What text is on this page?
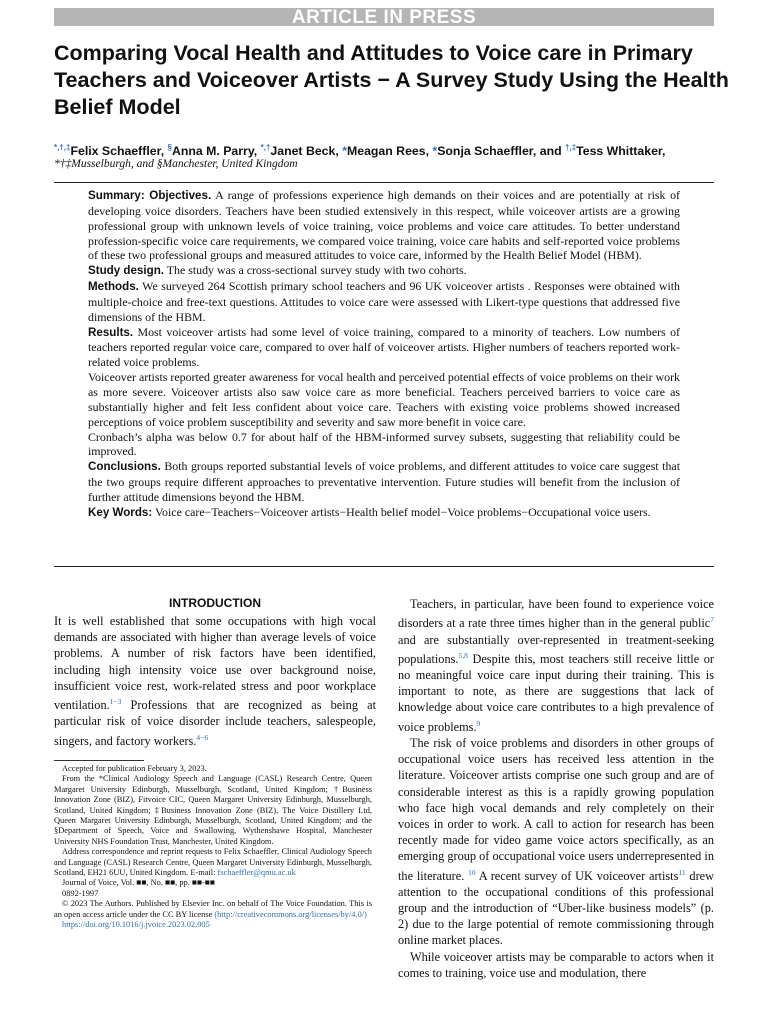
ARTICLE IN PRESS
Comparing Vocal Health and Attitudes to Voice care in Primary Teachers and Voiceover Artists − A Survey Study Using the Health Belief Model
*,†,‡Felix Schaeffler, §Anna M. Parry, *,†Janet Beck, *Meagan Rees, *Sonja Schaeffler, and †,‡Tess Whittaker,
*†‡Musselburgh, and §Manchester, United Kingdom

Summary: Objectives. A range of professions experience high demands on their voices and are potentially at risk of developing voice disorders. Teachers have been studied extensively in this respect, while voiceover artists are a growing professional group with unknown levels of voice training, voice problems and voice care attitudes. To better understand profession-specific voice care requirements, we compared voice training, voice care habits and self-reported voice problems of these two professional groups and measured attitudes to voice care, informed by the Health Belief Model (HBM).

Study design. The study was a cross-sectional survey study with two cohorts.

Methods. We surveyed 264 Scottish primary school teachers and 96 UK voiceover artists . Responses were obtained with multiple-choice and free-text questions. Attitudes to voice care were assessed with Likert-type questions that addressed five dimensions of the HBM.

Results. Most voiceover artists had some level of voice training, compared to a minority of teachers. Low numbers of teachers reported regular voice care, compared to over half of voiceover artists. Higher numbers of teachers reported work-related voice problems.

Voiceover artists reported greater awareness for vocal health and perceived potential effects of voice problems on their work as more severe. Voiceover artists also saw voice care as more beneficial. Teachers perceived barriers to voice care as substantially higher and felt less confident about voice care. Teachers with existing voice problems showed increased perceptions of voice problem susceptibility and severity and saw more benefit in voice care.

Cronbach’s alpha was below 0.7 for about half of the HBM-informed survey subsets, suggesting that reliability could be improved.

Conclusions. Both groups reported substantial levels of voice problems, and different attitudes to voice care suggest that the two groups require different approaches to preventative intervention. Future studies will benefit from the inclusion of further attitude dimensions beyond the HBM.

Key Words: Voice care−Teachers−Voiceover artists−Health belief model−Voice problems−Occupational voice users.

INTRODUCTION

It is well established that some occupations with high vocal demands are associated with higher than average levels of voice problems. A number of risk factors have been identified, including high intensity voice use over background noise, insufficient voice rest, work-related stress and poor workplace ventilation.$^{1-3}$ Professions that are recognized as being at particular risk of voice disorder include teachers, salespeople, singers, and factory workers.$^{4-6}$

Accepted for publication February 3, 2023.

From the *Clinical Audiology Speech and Language (CASL) Research Centre, Queen Margaret University Edinburgh, Musselburgh, Scotland, United Kingdom; †Business Innovation Zone (BIZ), Fitvoice CIC, Queen Margaret University Edinburgh, Musselburgh, Scotland, United Kingdom; ‡Business Innovation Zone (BIZ), The Voice Distillery Ltd, Queen Margaret University Edinburgh, Musselburgh, Scotland, United Kingdom; and the §Department of Speech, Voice and Swallowing, Wythenshawe Hospital, Manchester University NHS Foundation Trust, Manchester, United Kingdom.

Address correspondence and reprint requests to Felix Schaeffler, Clinical Audiology Speech and Language (CASL) Research Centre, Queen Margaret University Edinburgh, Musselburgh, Scotland, EH21 6UU, United Kingdom. E-mail: fschaeffler@qmu.ac.uk

Journal of Voice, Vol. ■■, No. ■■, pp. ■■-■■

0892-1997

© 2023 The Authors. Published by Elsevier Inc. on behalf of The Voice Foundation. This is an open access article under the CC BY license (http://creativecommons.org/licenses/by/4.0/)

https://doi.org/10.1016/j.jvoice.2023.02.005

Teachers, in particular, have been found to experience voice disorders at a rate three times higher than in the general public$^7$ and are substantially over-represented in treatment-seeking populations.$^{5,8}$ Despite this, most teachers still receive little or no meaningful voice care input during their training. This is important to note, as there are suggestions that lack of knowledge about voice care contributes to a high prevalence of voice problems.$^9$

The risk of voice problems and disorders in other groups of occupational voice users has received less attention in the literature. Voiceover artists comprise one such group and are of considerable interest as this is a rapidly growing population who face high vocal demands and rely completely on their voices in order to work. A call to action for research has been recently made for video game voice actors specifically, as an emerging group of occupational voice users underrepresented in the literature. $^{10}$ A recent survey of UK voiceover artists$^{11}$ drew attention to the occupational conditions of this professional group and the introduction of “Uber-like business models” (p. 2) due to the large potential of remote commissioning through online market places.

While voiceover artists may be comparable to actors when it comes to training, voice use and modulation, there
